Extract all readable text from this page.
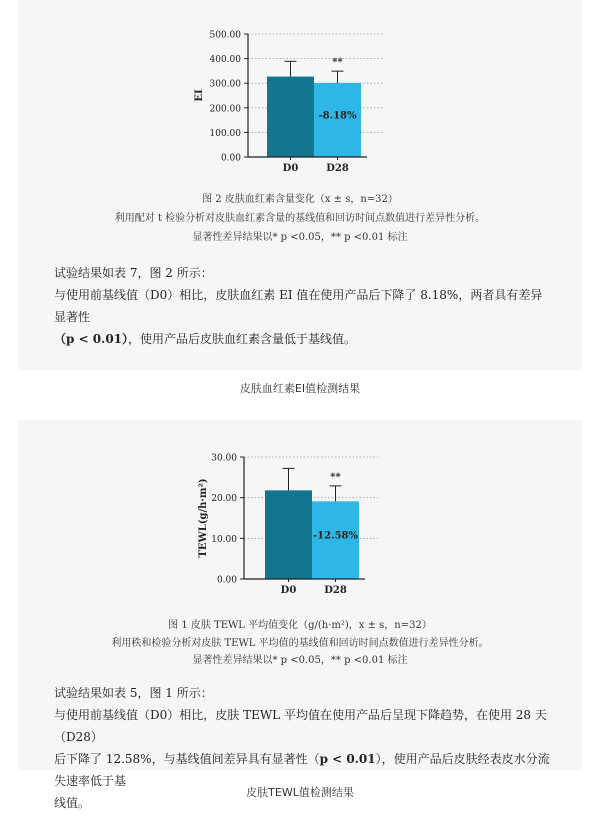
0.00
100.00
200.00
300.00
400.00
500.00
D0	D28
**
-8.18%
EI
图 2 皮肤血红素含量变化（x ± s，n=32）
利用配对 t 检验分析对皮肤血红素含量的基线值和回访时间点数值进行差异性分析。
显著性差异结果以* p <0.05，** p <0.01 标注

试验结果如表 7，图 2 所示：

与使用前基线值（D0）相比，皮肤血红素 EI 值在使用产品后下降了 8.18%，两者具有差异显著性

（p < 0.01），使用产品后皮肤血红素含量低于基线值。

皮肤血红素EI值检测结果
0.00
10.00
20.00
30.00
D0	D28
**
-12.58%
TEWL(g/h·m²)
图 1 皮肤 TEWL 平均值变化（g/(h·m²)，x ± s，n=32）
利用秩和检验分析对皮肤 TEWL 平均值的基线值和回访时间点数值进行差异性分析。
显著性差异结果以* p <0.05，** p <0.01 标注

试验结果如表 5，图 1 所示：

与使用前基线值（D0）相比，皮肤 TEWL 平均值在使用产品后呈现下降趋势，在使用 28 天（D28）

后下降了 12.58%，与基线值间差异具有显著性（p < 0.01），使用产品后皮肤经表皮水分流失速率低于基

线值。

皮肤TEWL值检测结果
